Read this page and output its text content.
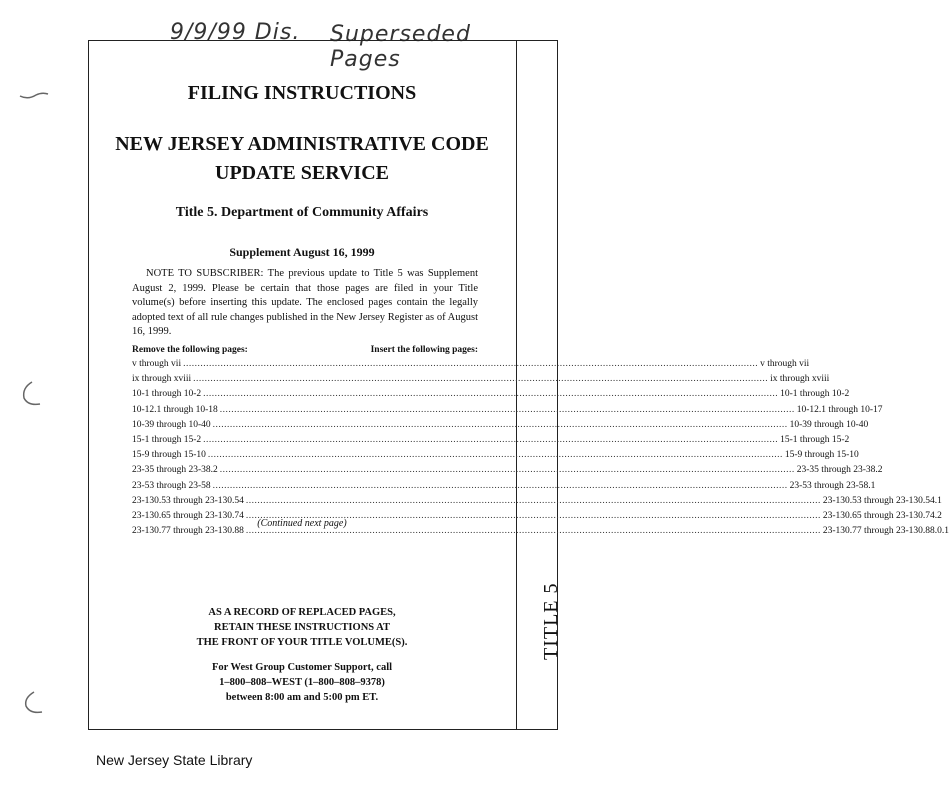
9/9/99 Dis. Superseded Pages
TITLE 5
FILING INSTRUCTIONS
NEW JERSEY ADMINISTRATIVE CODE
UPDATE SERVICE
Title 5. Department of Community Affairs
Supplement August 16, 1999
NOTE TO SUBSCRIBER: The previous update to Title 5 was Supplement August 2, 1999. Please be certain that those pages are filed in your Title volume(s) before inserting this update. The enclosed pages contain the legally adopted text of all rule changes published in the New Jersey Register as of August 16, 1999.
Remove the following pages:	Insert the following pages:
v through vii ........................................................................................................................................................................................................ v through vii
ix through xviii ........................................................................................................................................................................................................ ix through xviii
10-1 through 10-2 ........................................................................................................................................................................................................ 10-1 through 10-2
10-12.1 through 10-18 ........................................................................................................................................................................................................ 10-12.1 through 10-17
10-39 through 10-40 ........................................................................................................................................................................................................ 10-39 through 10-40
15-1 through 15-2 ........................................................................................................................................................................................................ 15-1 through 15-2
15-9 through 15-10 ........................................................................................................................................................................................................ 15-9 through 15-10
23-35 through 23-38.2 ........................................................................................................................................................................................................ 23-35 through 23-38.2
23-53 through 23-58 ........................................................................................................................................................................................................ 23-53 through 23-58.1
23-130.53 through 23-130.54 ........................................................................................................................................................................................................ 23-130.53 through 23-130.54.1
23-130.65 through 23-130.74 ........................................................................................................................................................................................................ 23-130.65 through 23-130.74.2
23-130.77 through 23-130.88 ........................................................................................................................................................................................................ 23-130.77 through 23-130.88.0.1
(Continued next page)
AS A RECORD OF REPLACED PAGES,
RETAIN THESE INSTRUCTIONS AT
THE FRONT OF YOUR TITLE VOLUME(S).
For West Group Customer Support, call
1–800–808–WEST (1–800–808–9378)
between 8:00 am and 5:00 pm ET.
New Jersey State Library
